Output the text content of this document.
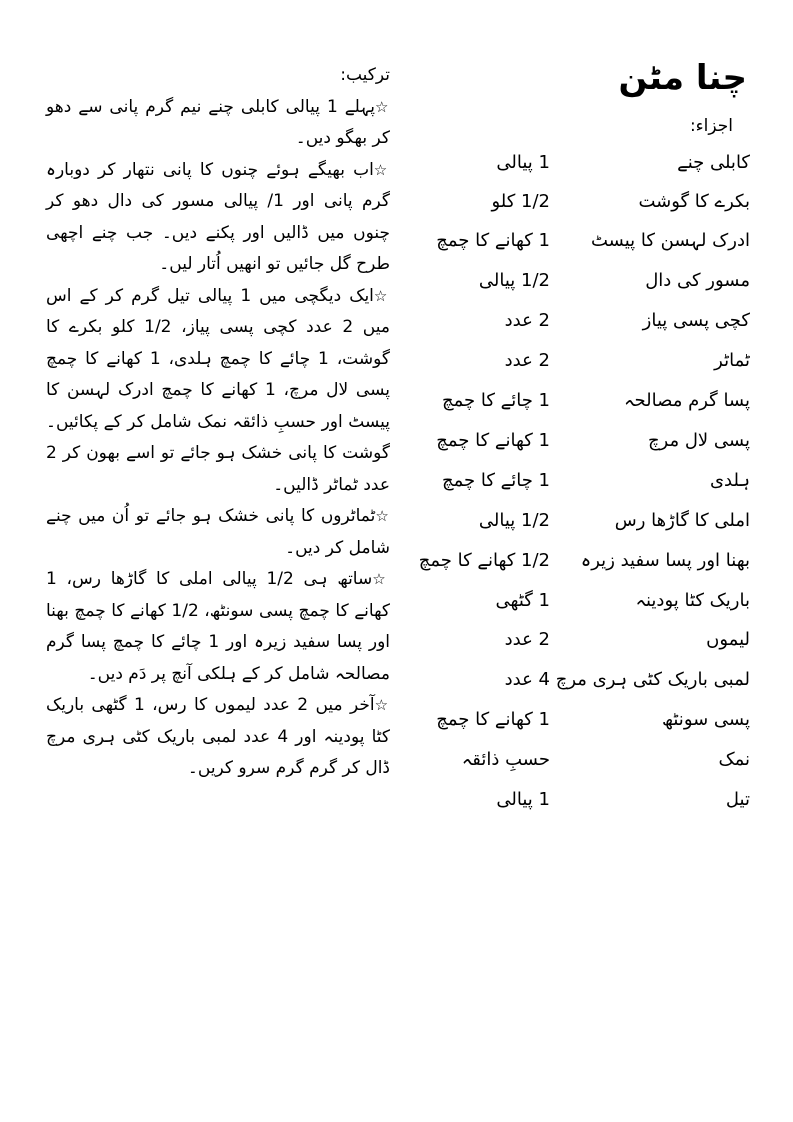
چنا مٹن
اجزاء:
کابلی چنے
1 پیالی
بکرے کا گوشت
1/2 کلو
ادرک لہسن کا پیسٹ
1 کھانے کا چمچ
مسور کی دال
1/2 پیالی
کچی پسی پیاز
2 عدد
ٹماٹر
2 عدد
پسا گرم مصالحہ
1 چائے کا چمچ
پسی لال مرچ
1 کھانے کا چمچ
ہلدی
1 چائے کا چمچ
املی کا گاڑھا رس
1/2 پیالی
بھنا اور پسا سفید زیرہ
1/2 کھانے کا چمچ
باریک کٹا پودینہ
1 گٹھی
لیموں
2 عدد
لمبی باریک کٹی ہری مرچ
4 عدد
پسی سونٹھ
1 کھانے کا چمچ
نمک
حسبِ ذائقہ
تیل
1 پیالی

ترکیب:

☆پہلے 1 پیالی کابلی چنے نیم گرم پانی سے دھو کر بھگو دیں۔

☆اب بھیگے ہوئے چنوں کا پانی نتھار کر دوبارہ گرم پانی اور 1/ پیالی مسور کی دال دھو کر چنوں میں ڈالیں اور پکنے دیں۔ جب چنے اچھی طرح گل جائیں تو انھیں اُتار لیں۔

☆ایک دیگچی میں 1 پیالی تیل گرم کر کے اس میں 2 عدد کچی پسی پیاز، 1/2 کلو بکرے کا گوشت، 1 چائے کا چمچ ہلدی، 1 کھانے کا چمچ پسی لال مرچ، 1 کھانے کا چمچ ادرک لہسن کا پیسٹ اور حسبِ ذائقہ نمک شامل کر کے پکائیں۔ گوشت کا پانی خشک ہو جائے تو اسے بھون کر 2 عدد ٹماٹر ڈالیں۔

☆ٹماٹروں کا پانی خشک ہو جائے تو اُن میں چنے شامل کر دیں۔

☆ساتھ ہی 1/2 پیالی املی کا گاڑھا رس، 1 کھانے کا چمچ پسی سونٹھ، 1/2 کھانے کا چمچ بھنا اور پسا سفید زیرہ اور 1 چائے کا چمچ پسا گرم مصالحہ شامل کر کے ہلکی آنچ پر دَم دیں۔

☆آخر میں 2 عدد لیموں کا رس، 1 گٹھی باریک کٹا پودینہ اور 4 عدد لمبی باریک کٹی ہری مرچ ڈال کر گرم گرم سرو کریں۔
